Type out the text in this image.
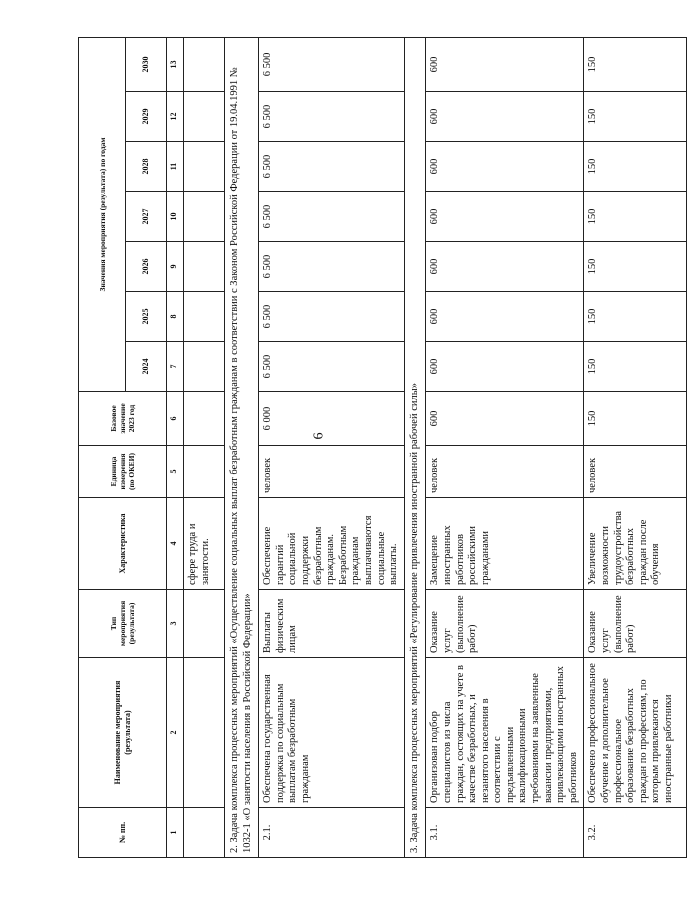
6
№ пп.	Наименование мероприятия (результата)	Тип мероприятия (результата)	Характеристика	Единица измерения (по ОКЕИ)	Базовое значение 2023 год	Значения мероприятия (результата) по годам						
						2024	2025	2026	2027	2028	2029	2030
1	2	3	4	5	6	7	8	9	10	11	12	13
			сфере труда и занятости.									
2. Задача комплекса процессных мероприятий «Осуществление социальных выплат безработным гражданам в соответствии с Законом Российской Федерации от 19.04.1991 № 1032-1 «О занятости населения в Российской Федерации»												
2.1.	Обеспечена государственная поддержка по социальным выплатам безработным гражданам	Выплаты физическим лицам	Обеспечение гарантий социальной поддержки безработным гражданам. Безработным гражданам выплачиваются социальные выплаты.	человек	6 000	6 500	6 500	6 500	6 500	6 500	6 500	6 500
3. Задача комплекса процессных мероприятий «Регулирование привлечения иностранной рабочей силы»												
3.1.	Организован подбор специалистов из числа граждан, состоящих на учете в качестве безработных, и незанятого населения в соответствии с предъявленными квалификационными требованиями на заявленные вакансии предприятиями, привлекающими иностранных работников	Оказание услуг (выполнение работ)	Замещение иностранных работников российскими гражданами	человек	600	600	600	600	600	600	600	600
3.2.	Обеспечено профессиональное обучение и дополнительное профессиональное образование безработных граждан по профессиям, по которым привлекаются иностранные работники	Оказание услуг (выполнение работ)	Увеличение возможности трудоустройства безработных граждан после обучения	человек	150	150	150	150	150	150	150	150
